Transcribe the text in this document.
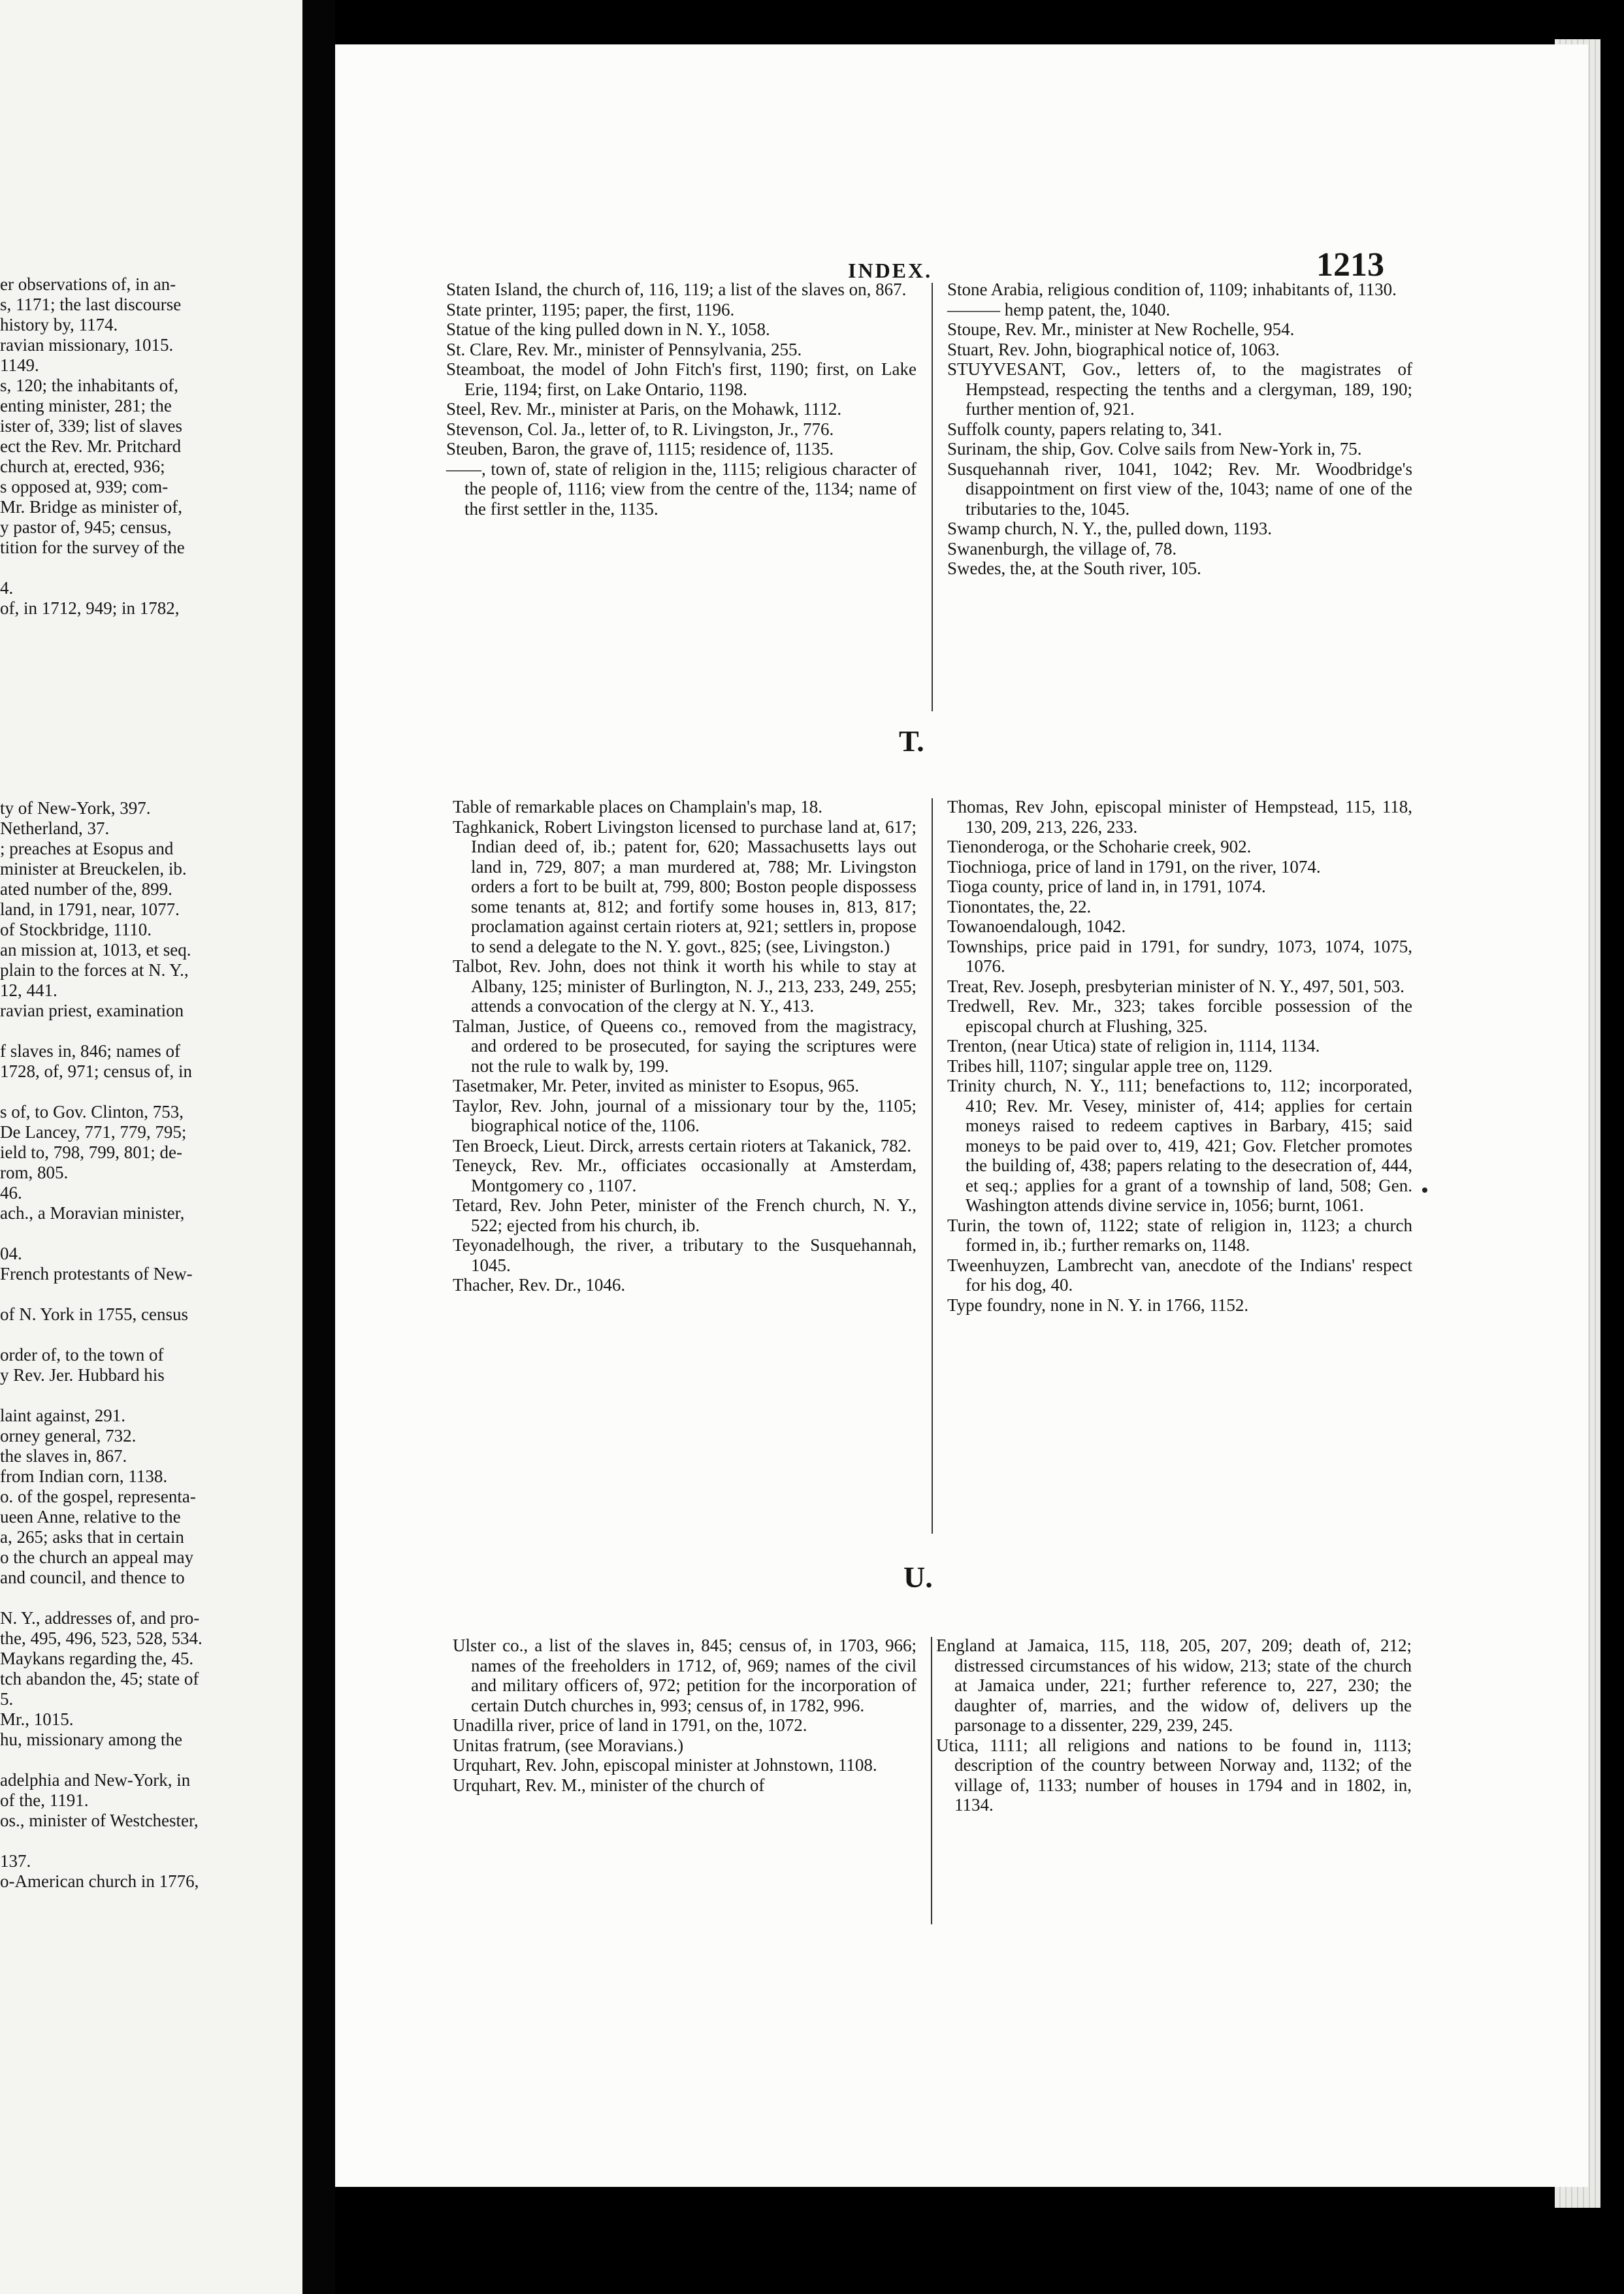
er observations of, in an-
s, 1171; the last discourse
history by, 1174.
ravian missionary, 1015.
1149.
s, 120; the inhabitants of,
enting minister, 281; the
ister of, 339; list of slaves
ect the Rev. Mr. Pritchard
church at, erected, 936;
s opposed at, 939; com-
Mr. Bridge as minister of,
y pastor of, 945; census,
tition for the survey of the
4.
of, in 1712, 949; in 1782,
ty of New-York, 397.
Netherland, 37.
; preaches at Esopus and
minister at Breuckelen, ib.
ated number of the, 899.
land, in 1791, near, 1077.
of Stockbridge, 1110.
an mission at, 1013, et seq.
plain to the forces at N. Y.,
12, 441.
ravian priest, examination
f slaves in, 846; names of
1728, of, 971; census of, in
s of, to Gov. Clinton, 753,
De Lancey, 771, 779, 795;
ield to, 798, 799, 801; de-
rom, 805.
46.
ach., a Moravian minister,
04.
French protestants of New-
of N. York in 1755, census
order of, to the town of
y Rev. Jer. Hubbard his
laint against, 291.
orney general, 732.
the slaves in, 867.
from Indian corn, 1138.
o. of the gospel, representa-
ueen Anne, relative to the
a, 265; asks that in certain
o the church an appeal may
and council, and thence to
N. Y., addresses of, and pro-
the, 495, 496, 523, 528, 534.
Maykans regarding the, 45.
tch abandon the, 45; state of
5.
Mr., 1015.
hu, missionary among the
adelphia and New-York, in
of the, 1191.
os., minister of Westchester,
137.
o-American church in 1776,
INDEX.	1213

Staten Island, the church of, 116, 119; a list of the slaves on, 867.

State printer, 1195; paper, the first, 1196.

Statue of the king pulled down in N. Y., 1058.

St. Clare, Rev. Mr., minister of Pennsylvania, 255.

Steamboat, the model of John Fitch's first, 1190; first, on Lake Erie, 1194; first, on Lake Ontario, 1198.

Steel, Rev. Mr., minister at Paris, on the Mohawk, 1112.

Stevenson, Col. Ja., letter of, to R. Livingston, Jr., 776.

Steuben, Baron, the grave of, 1115; residence of, 1135.

——, town of, state of religion in the, 1115; religious character of the people of, 1116; view from the centre of the, 1134; name of the first settler in the, 1135.

Stone Arabia, religious condition of, 1109; inhabitants of, 1130.

——— hemp patent, the, 1040.

Stoupe, Rev. Mr., minister at New Rochelle, 954.

Stuart, Rev. John, biographical notice of, 1063.

STUYVESANT, Gov., letters of, to the magistrates of Hempstead, respecting the tenths and a clergyman, 189, 190; further mention of, 921.

Suffolk county, papers relating to, 341.

Surinam, the ship, Gov. Colve sails from New-York in, 75.

Susquehannah river, 1041, 1042; Rev. Mr. Woodbridge's disappointment on first view of the, 1043; name of one of the tributaries to the, 1045.

Swamp church, N. Y., the, pulled down, 1193.

Swanenburgh, the village of, 78.

Swedes, the, at the South river, 105.

T.

Table of remarkable places on Champlain's map, 18.

Taghkanick, Robert Livingston licensed to purchase land at, 617; Indian deed of, ib.; patent for, 620; Massachusetts lays out land in, 729, 807; a man murdered at, 788; Mr. Livingston orders a fort to be built at, 799, 800; Boston people dispossess some tenants at, 812; and fortify some houses in, 813, 817; proclamation against certain rioters at, 921; settlers in, propose to send a delegate to the N. Y. govt., 825; (see, Livingston.)

Talbot, Rev. John, does not think it worth his while to stay at Albany, 125; minister of Burlington, N. J., 213, 233, 249, 255; attends a convocation of the clergy at N. Y., 413.

Talman, Justice, of Queens co., removed from the magistracy, and ordered to be prosecuted, for saying the scriptures were not the rule to walk by, 199.

Tasetmaker, Mr. Peter, invited as minister to Esopus, 965.

Taylor, Rev. John, journal of a missionary tour by the, 1105; biographical notice of the, 1106.

Ten Broeck, Lieut. Dirck, arrests certain rioters at Takanick, 782.

Teneyck, Rev. Mr., officiates occasionally at Amsterdam, Montgomery co , 1107.

Tetard, Rev. John Peter, minister of the French church, N. Y., 522; ejected from his church, ib.

Teyonadelhough, the river, a tributary to the Susquehannah, 1045.

Thacher, Rev. Dr., 1046.

Thomas, Rev John, episcopal minister of Hempstead, 115, 118, 130, 209, 213, 226, 233.

Tienonderoga, or the Schoharie creek, 902.

Tiochnioga, price of land in 1791, on the river, 1074.

Tioga county, price of land in, in 1791, 1074.

Tionontates, the, 22.

Towanoendalough, 1042.

Townships, price paid in 1791, for sundry, 1073, 1074, 1075, 1076.

Treat, Rev. Joseph, presbyterian minister of N. Y., 497, 501, 503.

Tredwell, Rev. Mr., 323; takes forcible possession of the episcopal church at Flushing, 325.

Trenton, (near Utica) state of religion in, 1114, 1134.

Tribes hill, 1107; singular apple tree on, 1129.

Trinity church, N. Y., 111; benefactions to, 112; incorporated, 410; Rev. Mr. Vesey, minister of, 414; applies for certain moneys raised to redeem captives in Barbary, 415; said moneys to be paid over to, 419, 421; Gov. Fletcher promotes the building of, 438; papers relating to the desecration of, 444, et seq.; applies for a grant of a township of land, 508; Gen. Washington attends divine service in, 1056; burnt, 1061.

Turin, the town of, 1122; state of religion in, 1123; a church formed in, ib.; further remarks on, 1148.

Tweenhuyzen, Lambrecht van, anecdote of the Indians' respect for his dog, 40.

Type foundry, none in N. Y. in 1766, 1152.

U.

Ulster co., a list of the slaves in, 845; census of, in 1703, 966; names of the freeholders in 1712, of, 969; names of the civil and military officers of, 972; petition for the incorporation of certain Dutch churches in, 993; census of, in 1782, 996.

Unadilla river, price of land in 1791, on the, 1072.

Unitas fratrum, (see Moravians.)

Urquhart, Rev. John, episcopal minister at Johnstown, 1108.

Urquhart, Rev. M., minister of the church of

England at Jamaica, 115, 118, 205, 207, 209; death of, 212; distressed circumstances of his widow, 213; state of the church at Jamaica under, 221; further reference to, 227, 230; the daughter of, marries, and the widow of, delivers up the parsonage to a dissenter, 229, 239, 245.

Utica, 1111; all religions and nations to be found in, 1113; description of the country between Norway and, 1132; of the village of, 1133; number of houses in 1794 and in 1802, in, 1134.
